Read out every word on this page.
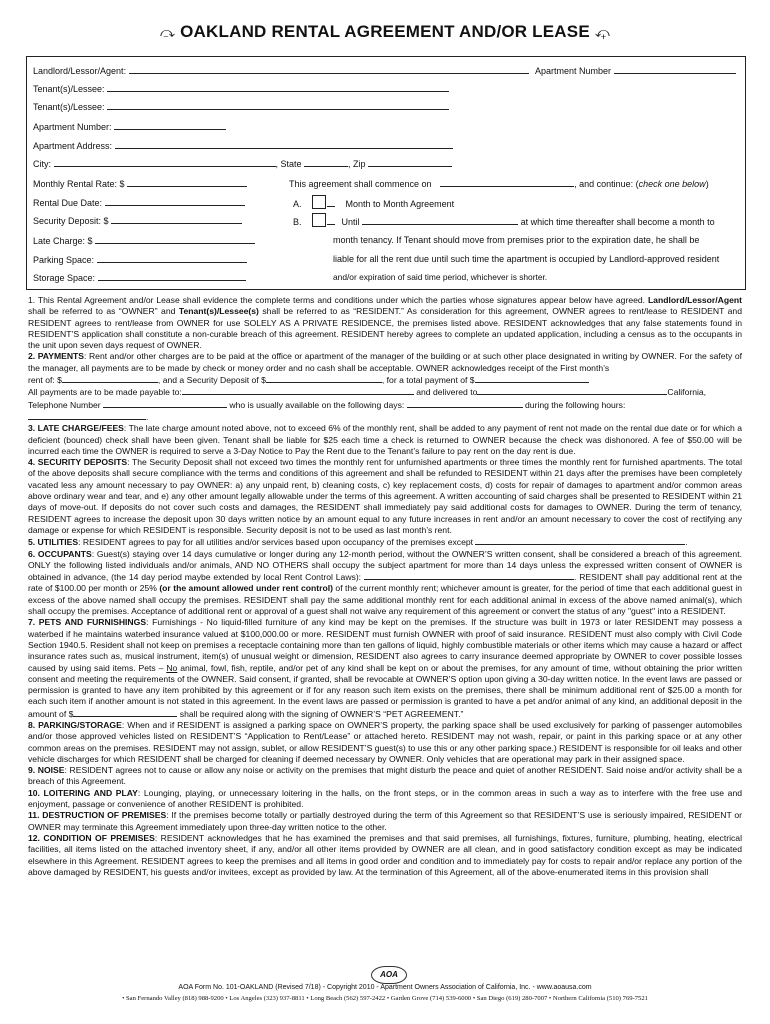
⤼ OAKLAND RENTAL AGREEMENT AND/OR LEASE ⤽
Landlord/Lessor/Agent:	Apartment Number
Tenant(s)/Lessee:
Tenant(s)/Lessee:
Apartment Number:
Apartment Address:
City:	, State	, Zip
Monthly Rental Rate: $
Rental Due Date:
Security Deposit: $
Late Charge: $
Parking Space:
Storage Space:
This agreement shall commence on	, and continue: (check one below)
A.	Month to Month Agreement
B.	Until	at which time thereafter shall become a month to
month tenancy. If Tenant should move from premises prior to the expiration date, he shall be
liable for all the rent due until such time the apartment is occupied by Landlord-approved resident
and/or expiration of said time period, whichever is shorter.

1. This Rental Agreement and/or Lease shall evidence the complete terms and conditions under which the parties whose signatures appear below have agreed. Landlord/Lessor/Agent shall be referred to as “OWNER” and Tenant(s)/Lessee(s) shall be referred to as “RESIDENT.” As consideration for this agreement, OWNER agrees to rent/lease to RESIDENT and RESIDENT agrees to rent/lease from OWNER for use SOLELY AS A PRIVATE RESIDENCE, the premises listed above. RESIDENT acknowledges that any false statements found in RESIDENT’S application shall constitute a non-curable breach of this agreement. RESIDENT hereby agrees to complete an updated application, including a census as to the occupants in the unit upon seven days request of OWNER.

2. PAYMENTS: Rent and/or other charges are to be paid at the office or apartment of the manager of the building or at such other place designated in writing by OWNER. For the safety of the manager, all payments are to be made by check or money order and no cash shall be acceptable. OWNER acknowledges receipt of the First month’s

rent of: $	, and a Security Deposit of $	, for a total payment of $

All payments are to be made payable to:	and delivered to	California,

Telephone Number	who is usually available on the following days:	during the following hours: .

3. LATE CHARGE/FEES: The late charge amount noted above, not to exceed 6% of the monthly rent, shall be added to any payment of rent not made on the rental due date or for which a deficient (bounced) check shall have been given. Tenant shall be liable for $25 each time a check is returned to OWNER because the check was dishonored. A fee of $50.00 will be incurred each time the OWNER is required to serve a 3-Day Notice to Pay the Rent due to the Tenant’s failure to pay rent on the day rent is due.

4. SECURITY DEPOSITS: The Security Deposit shall not exceed two times the monthly rent for unfurnished apartments or three times the monthly rent for furnished apartments. The total of the above deposits shall secure compliance with the terms and conditions of this agreement and shall be refunded to RESIDENT within 21 days after the premises have been completely vacated less any amount necessary to pay OWNER: a) any unpaid rent, b) cleaning costs, c) key replacement costs, d) costs for repair of damages to apartment and/or common areas above ordinary wear and tear, and e) any other amount legally allowable under the terms of this agreement. A written accounting of said charges shall be presented to RESIDENT within 21 days of move-out. If deposits do not cover such costs and damages, the RESIDENT shall immediately pay said additional costs for damages to OWNER. During the term of tenancy, RESIDENT agrees to increase the deposit upon 30 days written notice by an amount equal to any future increases in rent and/or an amount necessary to cover the cost of rectifying any damage or expense for which RESIDENT is responsible. Security deposit is not to be used as last month’s rent.

5. UTILITIES: RESIDENT agrees to pay for all utilities and/or services based upon occupancy of the premises except	.

6. OCCUPANTS: Guest(s) staying over 14 days cumulative or longer during any 12-month period, without the OWNER’S written consent, shall be considered a breach of this agreement. ONLY the following listed individuals and/or animals, AND NO OTHERS shall occupy the subject apartment for more than 14 days unless the expressed written consent of OWNER is obtained in advance, (the 14 day period maybe extended by local Rent Control Laws):	. RESIDENT shall pay additional rent at the rate of $100.00 per month or 25% (or the amount allowed under rent control) of the current monthly rent; whichever amount is greater, for the period of time that each additional guest in excess of the above named shall occupy the premises. RESIDENT shall pay the same additional monthly rent for each additional animal in excess of the above named animal(s), which shall occupy the premises. Acceptance of additional rent or approval of a guest shall not waive any requirement of this agreement or convert the status of any "guest" into a RESIDENT.

7. PETS AND FURNISHINGS: Furnishings - No liquid-filled furniture of any kind may be kept on the premises. If the structure was built in 1973 or later RESIDENT may possess a waterbed if he maintains waterbed insurance valued at $100,000.00 or more. RESIDENT must furnish OWNER with proof of said insurance. RESIDENT must also comply with Civil Code Section 1940.5. Resident shall not keep on premises a receptacle containing more than ten gallons of liquid, highly combustible materials or other items which may cause a hazard or affect insurance rates such as, musical instrument, item(s) of unusual weight or dimension, RESIDENT also agrees to carry insurance deemed appropriate by OWNER to cover possible losses caused by using said items. Pets – No animal, fowl, fish, reptile, and/or pet of any kind shall be kept on or about the premises, for any amount of time, without obtaining the prior written consent and meeting the requirements of the OWNER. Said consent, if granted, shall be revocable at OWNER’S option upon giving a 30-day written notice. In the event laws are passed or permission is granted to have any item prohibited by this agreement or if for any reason such item exists on the premises, there shall be minimum additional rent of $25.00 a month for each such item if another amount is not stated in this agreement. In the event laws are passed or permission is granted to have a pet and/or animal of any kind, an additional deposit in the amount of $	shall be required along with the signing of OWNER’S “PET AGREEMENT.”

8. PARKING/STORAGE: When and if RESIDENT is assigned a parking space on OWNER’S property, the parking space shall be used exclusively for parking of passenger automobiles and/or those approved vehicles listed on RESIDENT’S “Application to Rent/Lease” or attached hereto. RESIDENT may not wash, repair, or paint in this parking space or at any other common areas on the premises. RESIDENT may not assign, sublet, or allow RESIDENT’S guest(s) to use this or any other parking space.) RESIDENT is responsible for oil leaks and other vehicle discharges for which RESIDENT shall be charged for cleaning if deemed necessary by OWNER. Only vehicles that are operational may park in their assigned space.

9. NOISE: RESIDENT agrees not to cause or allow any noise or activity on the premises that might disturb the peace and quiet of another RESIDENT. Said noise and/or activity shall be a breach of this Agreement.

10. LOITERING AND PLAY: Lounging, playing, or unnecessary loitering in the halls, on the front steps, or in the common areas in such a way as to interfere with the free use and enjoyment, passage or convenience of another RESIDENT is prohibited.

11. DESTRUCTION OF PREMISES: If the premises become totally or partially destroyed during the term of this Agreement so that RESIDENT’S use is seriously impaired, RESIDENT or OWNER may terminate this Agreement immediately upon three-day written notice to the other.

12. CONDITION OF PREMISES: RESIDENT acknowledges that he has examined the premises and that said premises, all furnishings, fixtures, furniture, plumbing, heating, electrical facilities, all items listed on the attached inventory sheet, if any, and/or all other items provided by OWNER are all clean, and in good satisfactory condition except as may be indicated elsewhere in this Agreement. RESIDENT agrees to keep the premises and all items in good order and condition and to immediately pay for costs to repair and/or replace any portion of the above damaged by RESIDENT, his guests and/or invitees, except as provided by law. At the termination of this Agreement, all of the above-enumerated items in this provision shall

AOA
AOA Form No. 101-OAKLAND (Revised 7/18) - Copyright 2010 - Apartment Owners Association of California, Inc. - www.aoausa.com
• San Fernando Valley (818) 988-9200 • Los Angeles (323) 937-8811 • Long Beach (562) 597-2422 • Garden Grove (714) 539-6000 • San Diego (619) 280-7007 • Northern California (510) 769-7521
